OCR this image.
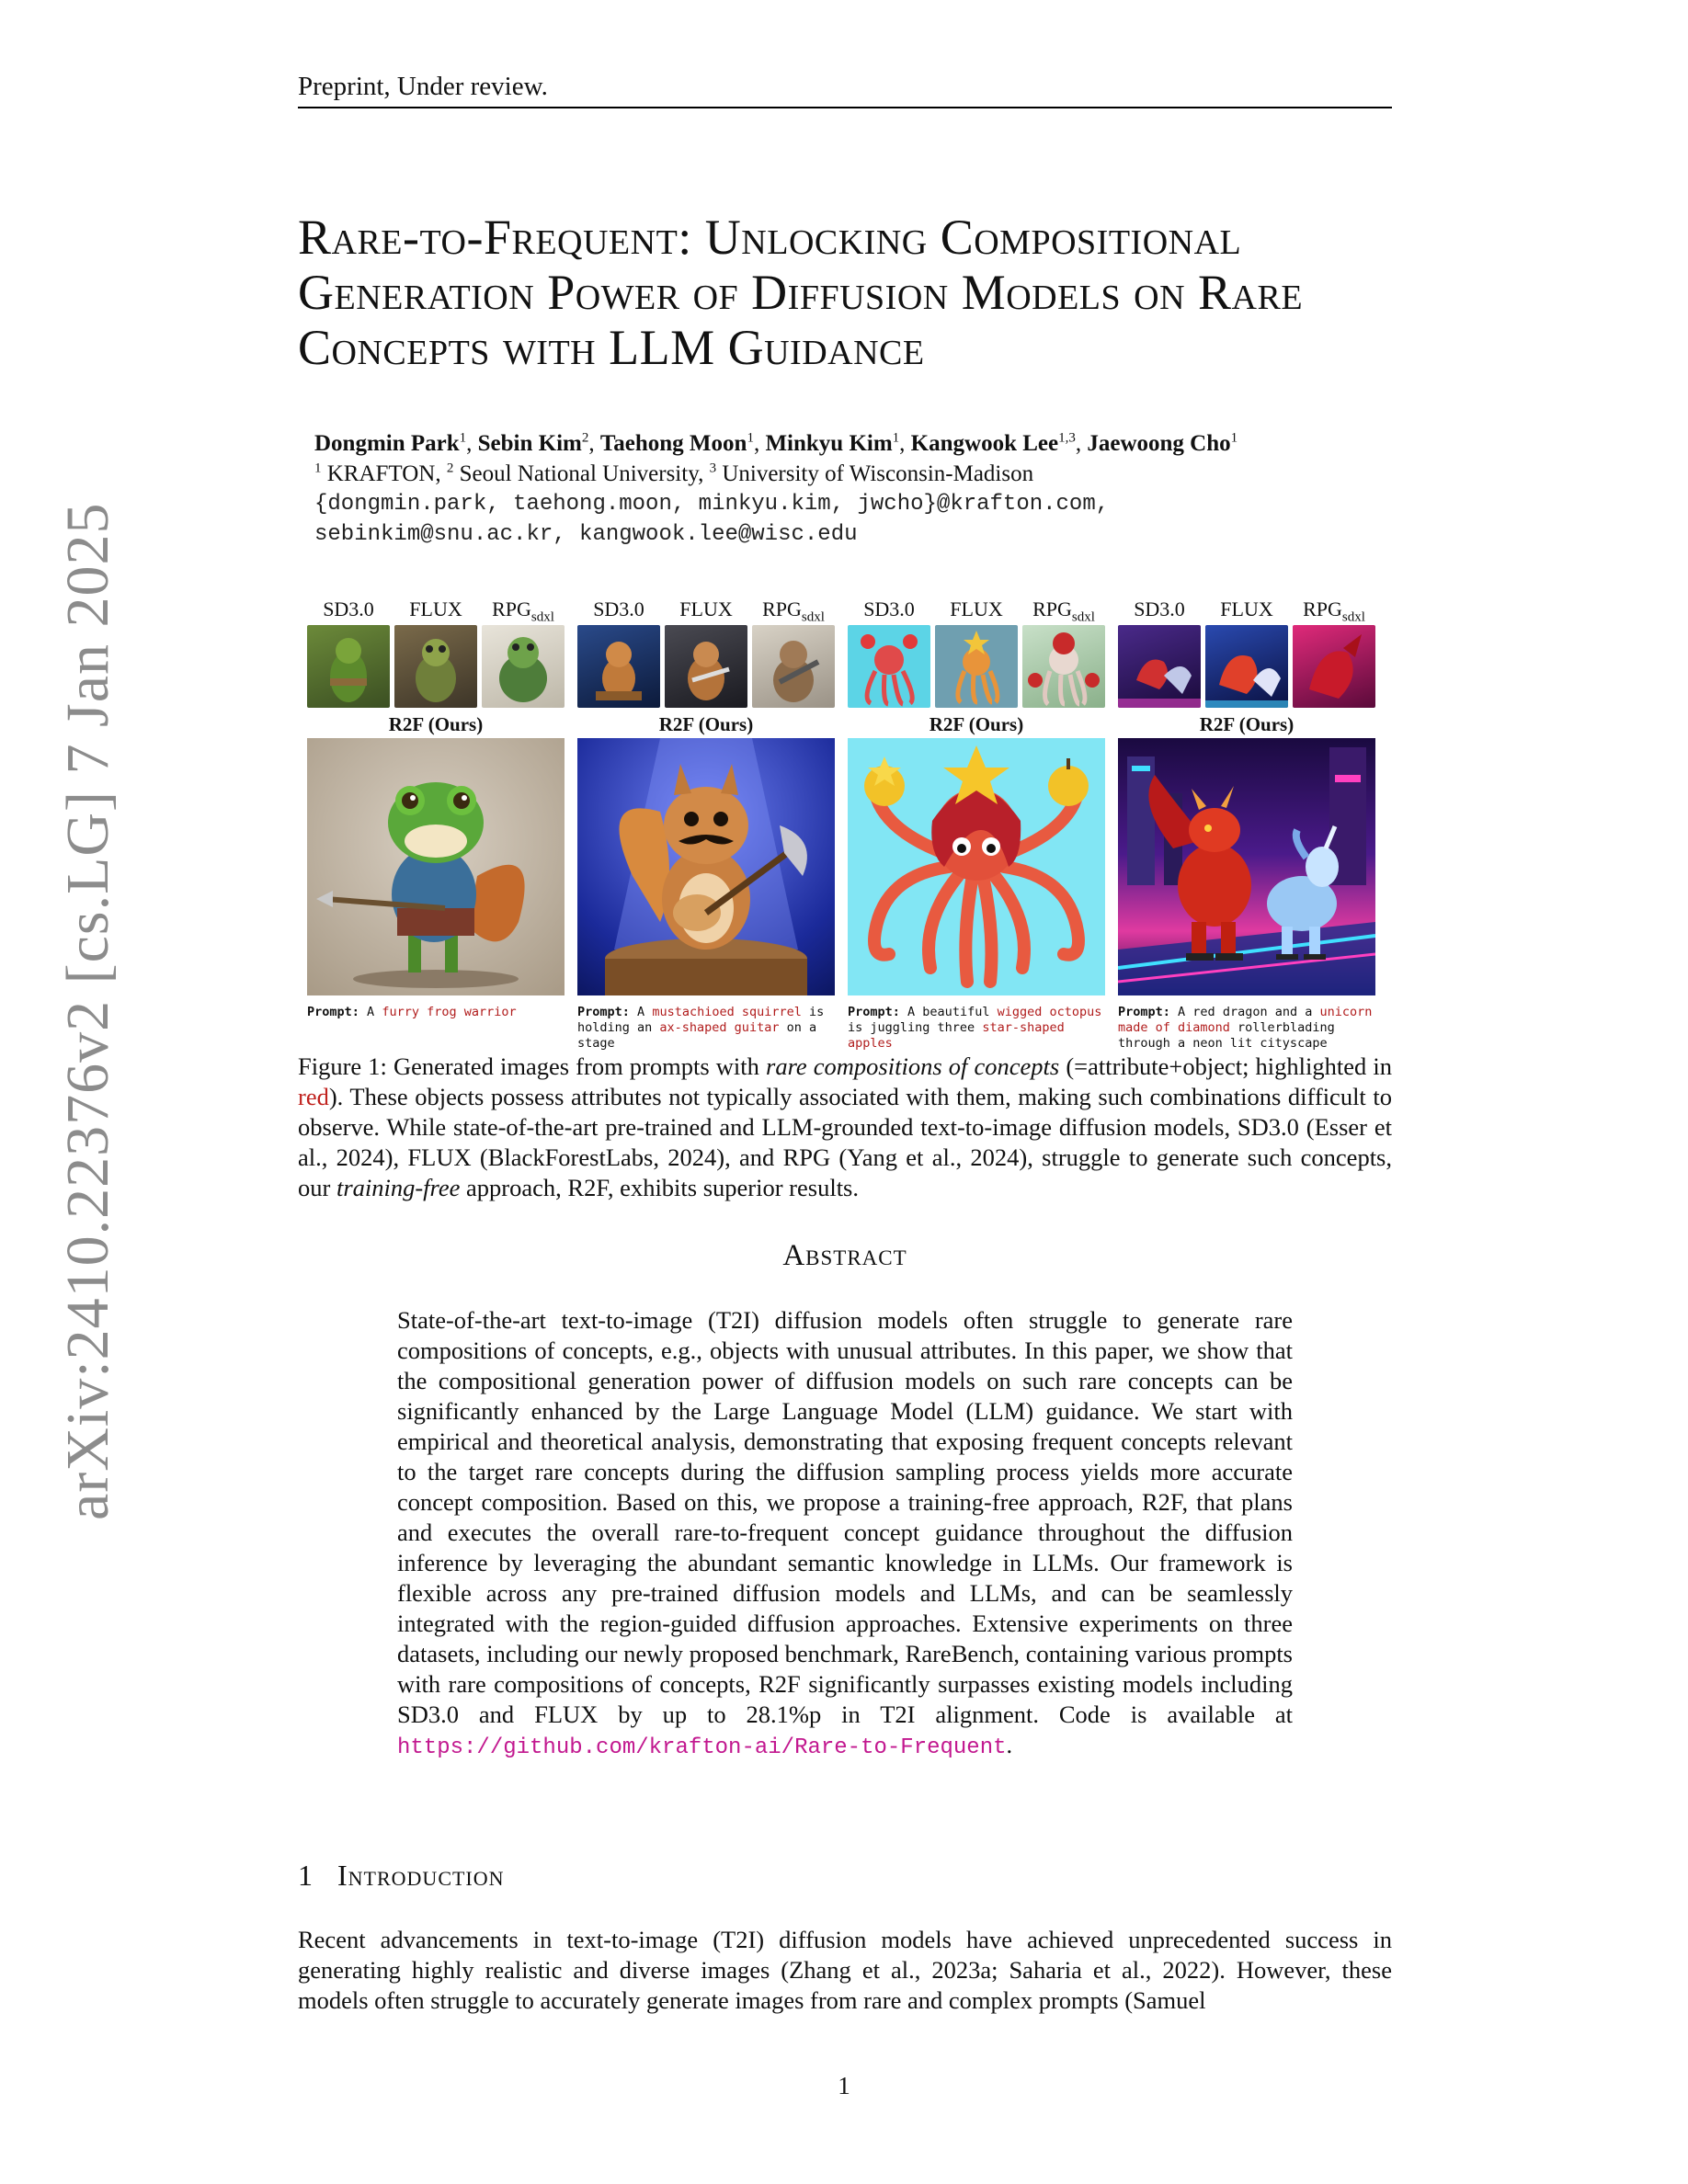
Preprint, Under review.
arXiv:2410.22376v2 [cs.LG] 7 Jan 2025
Rare-to-Frequent: Unlocking Compositional Generation Power of Diffusion Models on Rare Concepts with LLM Guidance
Dongmin Park$^1$, Sebin Kim$^2$, Taehong Moon$^1$, Minkyu Kim$^1$, Kangwook Lee$^{1,3}$, Jaewoong Cho$^1$
$^1$ KRAFTON, $^2$ Seoul National University, $^3$ University of Wisconsin-Madison
{dongmin.park, taehong.moon, minkyu.kim, jwcho}@krafton.com,
sebinkim@snu.ac.kr, kangwook.lee@wisc.edu
SD3.0	FLUX	$RPG_{sdxl}$
R2F (Ours)
Prompt: A furry frog warrior
SD3.0	FLUX	$RPG_{sdxl}$
R2F (Ours)
Prompt: A mustachioed squirrel is holding an ax-shaped guitar on a stage
SD3.0	FLUX	$RPG_{sdxl}$
R2F (Ours)
Prompt: A beautiful wigged octopus is juggling three star-shaped apples
SD3.0	FLUX	$RPG_{sdxl}$
R2F (Ours)
Prompt: A red dragon and a unicorn made of diamond rollerblading through a neon lit cityscape
Figure 1: Generated images from prompts with rare compositions of concepts (=attribute+object; highlighted in red). These objects possess attributes not typically associated with them, making such combinations difficult to observe. While state-of-the-art pre-trained and LLM-grounded text-to-image diffusion models, SD3.0 (Esser et al., 2024), FLUX (BlackForestLabs, 2024), and RPG (Yang et al., 2024), struggle to generate such concepts, our training-free approach, R2F, exhibits superior results.
Abstract
State-of-the-art text-to-image (T2I) diffusion models often struggle to generate rare compositions of concepts, e.g., objects with unusual attributes. In this paper, we show that the compositional generation power of diffusion models on such rare concepts can be significantly enhanced by the Large Language Model (LLM) guidance. We start with empirical and theoretical analysis, demonstrating that exposing frequent concepts relevant to the target rare concepts during the diffusion sampling process yields more accurate concept composition. Based on this, we propose a training-free approach, R2F, that plans and executes the overall rare-to-frequent concept guidance throughout the diffusion inference by leveraging the abundant semantic knowledge in LLMs. Our framework is flexible across any pre-trained diffusion models and LLMs, and can be seamlessly integrated with the region-guided diffusion approaches. Extensive experiments on three datasets, including our newly proposed benchmark, RareBench, containing various prompts with rare compositions of concepts, R2F significantly surpasses existing models including SD3.0 and FLUX by up to 28.1%p in T2I alignment. Code is available at https://github.com/krafton-ai/Rare-to-Frequent.
1 Introduction
Recent advancements in text-to-image (T2I) diffusion models have achieved unprecedented success in generating highly realistic and diverse images (Zhang et al., 2023a; Saharia et al., 2022). However, these models often struggle to accurately generate images from rare and complex prompts (Samuel
1
